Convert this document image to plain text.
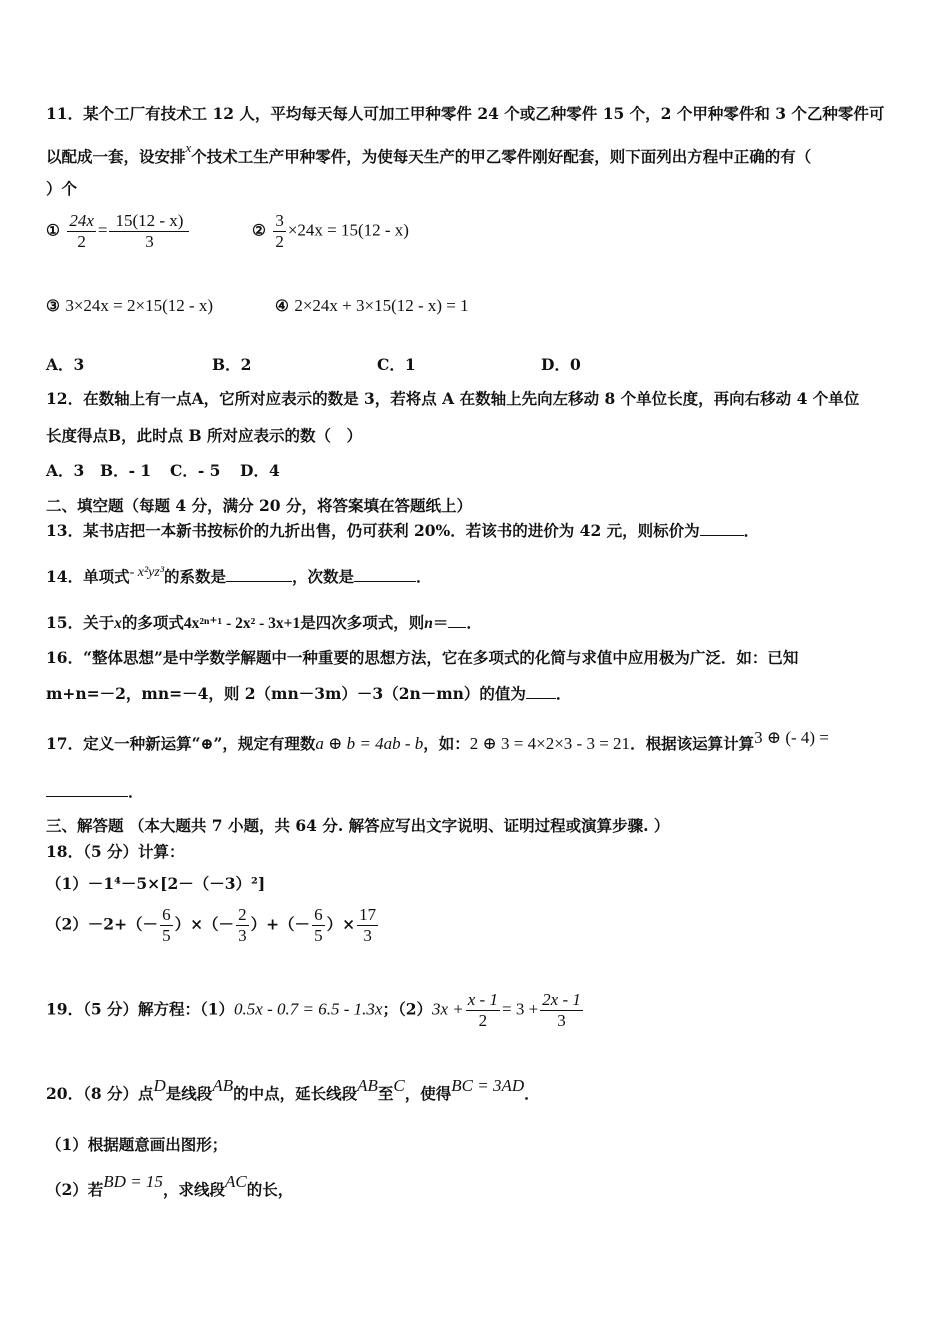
11．某个工厂有技术工 12 人，平均每天每人可加工甲种零件 24 个或乙种零件 15 个，2 个甲种零件和 3 个乙种零件可
以配成一套，设安排$^x$个技术工生产甲种零件，为使每天生产的甲乙零件刚好配套，则下面列出方程中正确的有（
）个
① $\frac{24x}{2} = \frac{15(12 - x)}{3}$	② $\frac{3}{2} \times 24x = 15(12 - x)$
③ 3×24x = 2×15(12 - x)	④ 2×24x + 3×15(12 - x) = 1
A．3	B．2	C．1	D．0
12．在数轴上有一点A，它所对应表示的数是 3，若将点 A 在数轴上先向左移动 8 个单位长度，再向右移动 4 个单位
长度得点B，此时点 B 所对应表示的数（　）
A．3 B．- 1 C．- 5 D．4
二、填空题（每题 4 分，满分 20 分，将答案填在答题纸上）
13．某书店把一本新书按标价的九折出售，仍可获利 20%．若该书的进价为 42 元，则标价为	．
14．单项式- x²yz³的系数是	，次数是	．
15．关于x的多项式4x²ⁿ⁺¹ - 2x² - 3x+1是四次多项式，则n＝ ．
16．“整体思想”是中学数学解题中一种重要的思想方法，它在多项式的化简与求值中应用极为广泛．如：已知
m+n=－2，mn=－4，则 2（mn－3m）－3（2n－mn）的值为 ．
17．定义一种新运算“⊕”，规定有理数a ⊕ b = 4ab - b，如：2 ⊕ 3 = 4×2×3 - 3 = 21．根据该运算计算3 ⊕ (- 4) =
．
三、解答题 （本大题共 7 小题，共 64 分. 解答应写出文字说明、证明过程或演算步骤. ）
18．（5 分）计算：
（1）－1⁴－5×[2－（－3）²]
$(2)-2+(- \frac{6}{5}$ ）×（－ $\frac{2}{3}$ ）+（－ $\frac{6}{5}$ ）× $\frac{17}{3}$
19．（5 分）解方程：（1）0.5x - 0.7 = 6.5 - 1.3x；$(2)3x + \frac{x - 1}{2} = 3 + \frac{2x - 1}{3}$
20．（8 分）点D是线段AB的中点，延长线段AB至C，使得BC = 3AD．
（1）根据题意画出图形；
（2）若BD = 15，求线段AC的长，
